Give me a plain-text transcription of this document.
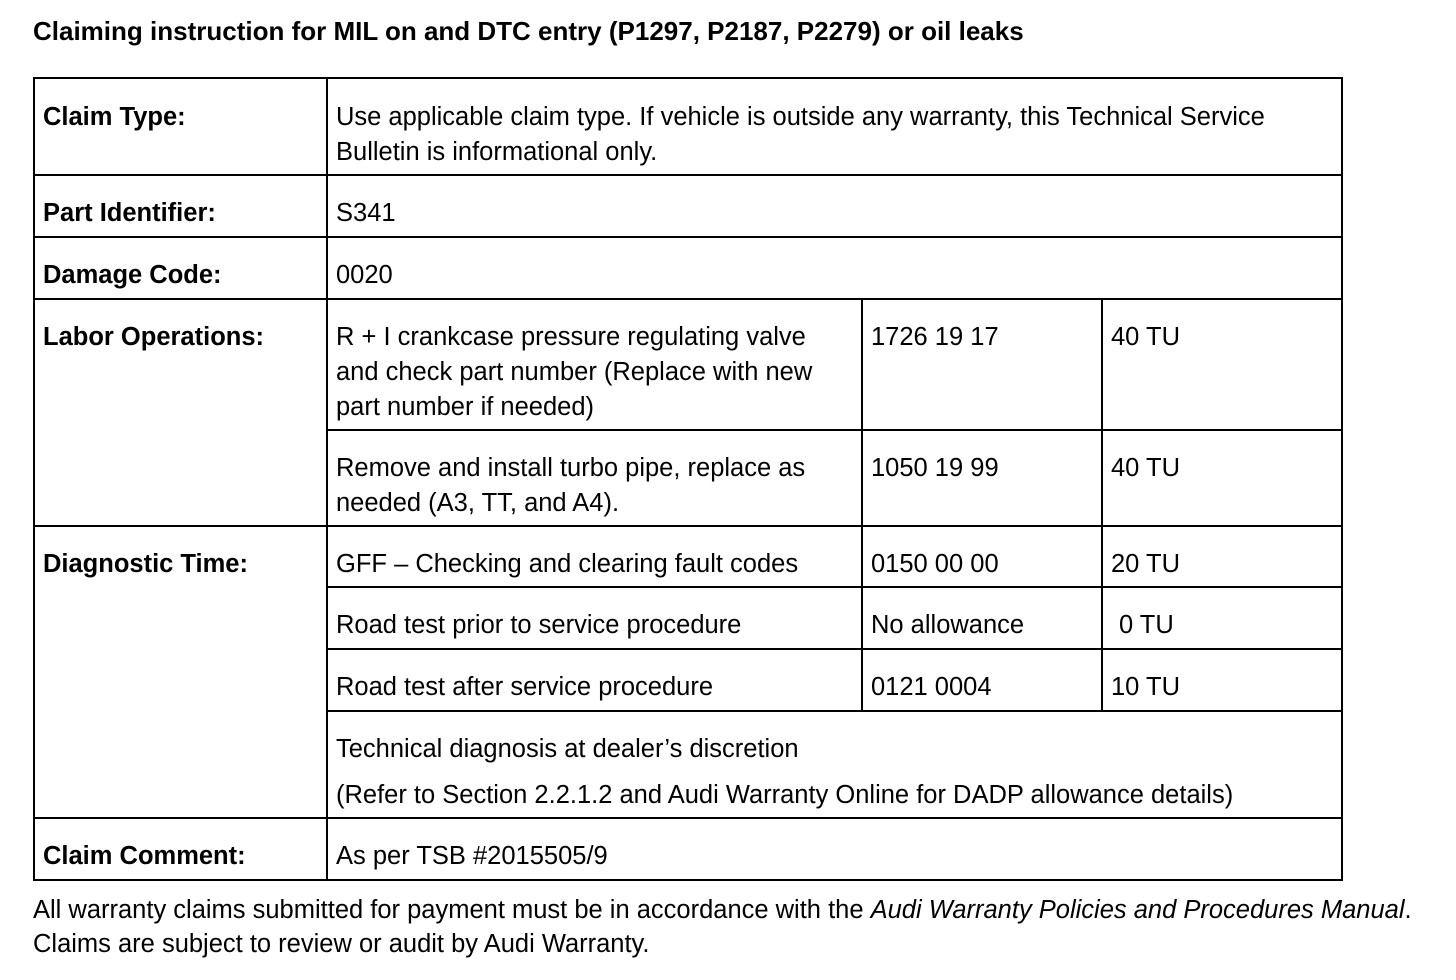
Claiming instruction for MIL on and DTC entry (P1297, P2187, P2279) or oil leaks
Claim Type:	Use applicable claim type. If vehicle is outside any warranty, this Technical Service Bulletin is informational only.		
Part Identifier:	S341		
Damage Code:	0020		
Labor Operations:	R + I crankcase pressure regulating valve and check part number (Replace with new part number if needed)	1726 19 17	40 TU
	Remove and install turbo pipe, replace as needed (A3, TT, and A4).	1050 19 99	40 TU
Diagnostic Time:	GFF – Checking and clearing fault codes	0150 00 00	20 TU
	Road test prior to service procedure	No allowance	0 TU
	Road test after service procedure	0121 0004	10 TU
	Technical diagnosis at dealer’s discretion
(Refer to Section 2.2.1.2 and Audi Warranty Online for DADP allowance details)		

Claim Comment:	As per TSB #2015505/9		
All warranty claims submitted for payment must be in accordance with the Audi Warranty Policies and Procedures Manual. Claims are subject to review or audit by Audi Warranty.
